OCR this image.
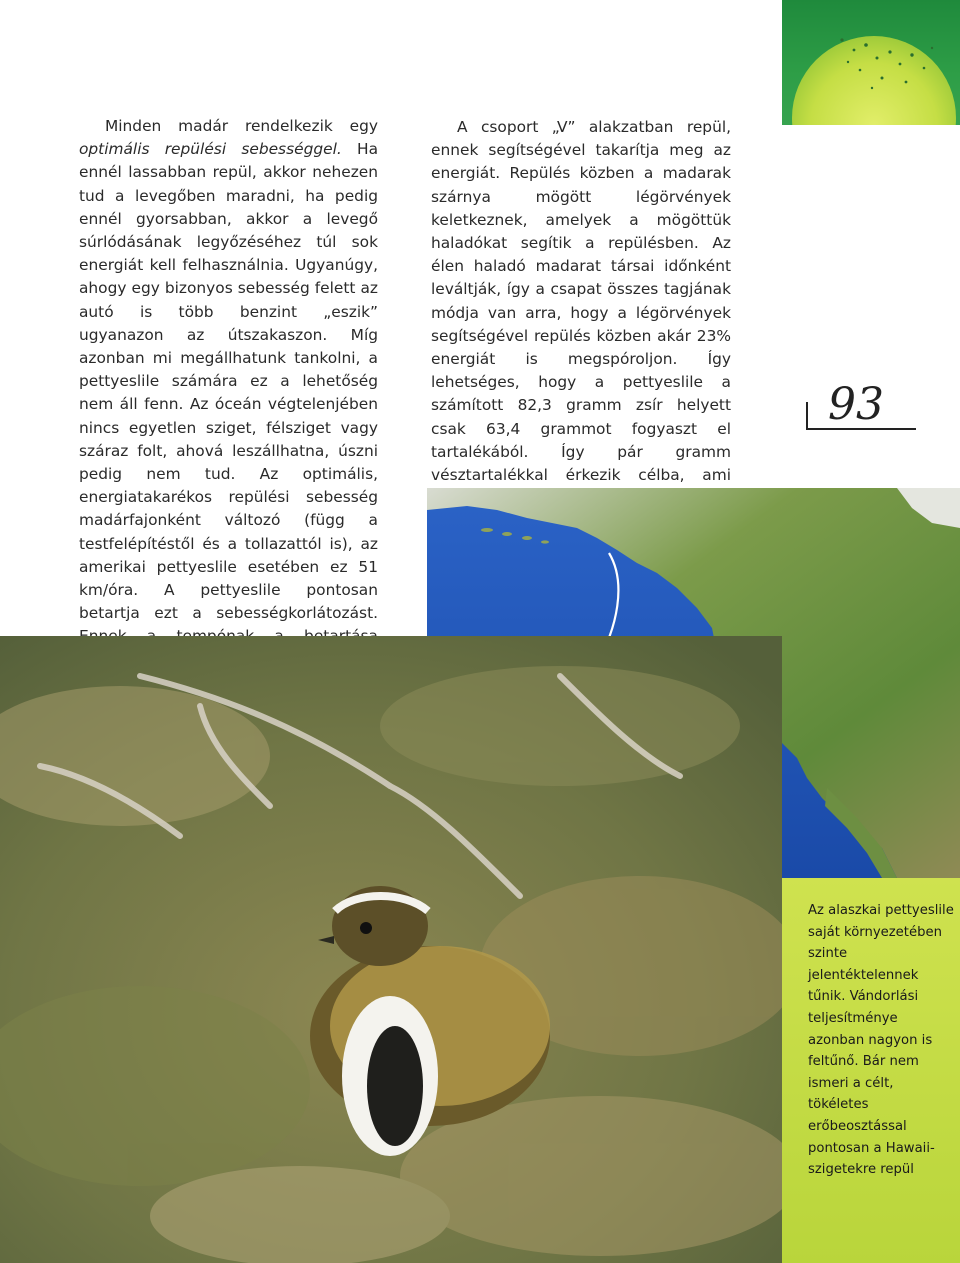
Minden madár rendelkezik egy optimális repülési sebességgel. Ha ennél lassabban repül, akkor nehezen tud a levegőben maradni, ha pedig ennél gyorsabban, akkor a levegő súrlódásának legyőzéséhez túl sok energiát kell felhasználnia. Ugyanúgy, ahogy egy bizonyos sebesség felett az autó is több benzint „eszik” ugyanazon az útszakaszon. Míg azonban mi megállhatunk tankolni, a pettyeslile számára ez a lehetőség nem áll fenn. Az óceán végtelenjében nincs egyetlen sziget, félsziget vagy száraz folt, ahová leszállhatna, úszni pedig nem tud. Az optimális, energiatakarékos repülési sebesség madárfajonként változó (függ a testfelépítéstől és a tollazattól is), az amerikai pettyeslile esetében ez 51 km/óra. A pettyeslile pontosan betartja ezt a sebességkorlátozást.

A csoport „V” alakzatban repül, ennek segítségével takarítja meg az energiát. Repülés közben a madarak szárnya mögött légörvények keletkeznek, amelyek a mögöttük haladókat segítik a repülésben. Az élen haladó madarat társai időnként leváltják, így a csapat összes tagjának módja van arra, hogy a légörvények segítségével repülés közben akár 23% energiát is megspóroljon. Így lehetséges, hogy a pettyeslile a számított 82,3 gramm zsír helyett csak 63,4 grammot fogyaszt el tartalékából. Így pár gramm vésztartalékkal érkezik célba, ami

93
Az alaszkai pettyeslile saját környezetében szinte jelentéktelennek tűnik. Vándorlási teljesítménye azonban nagyon is feltűnő. Bár nem ismeri a célt, tökéletes erőbeosztással pontosan a Hawaii-szigetekre repül
